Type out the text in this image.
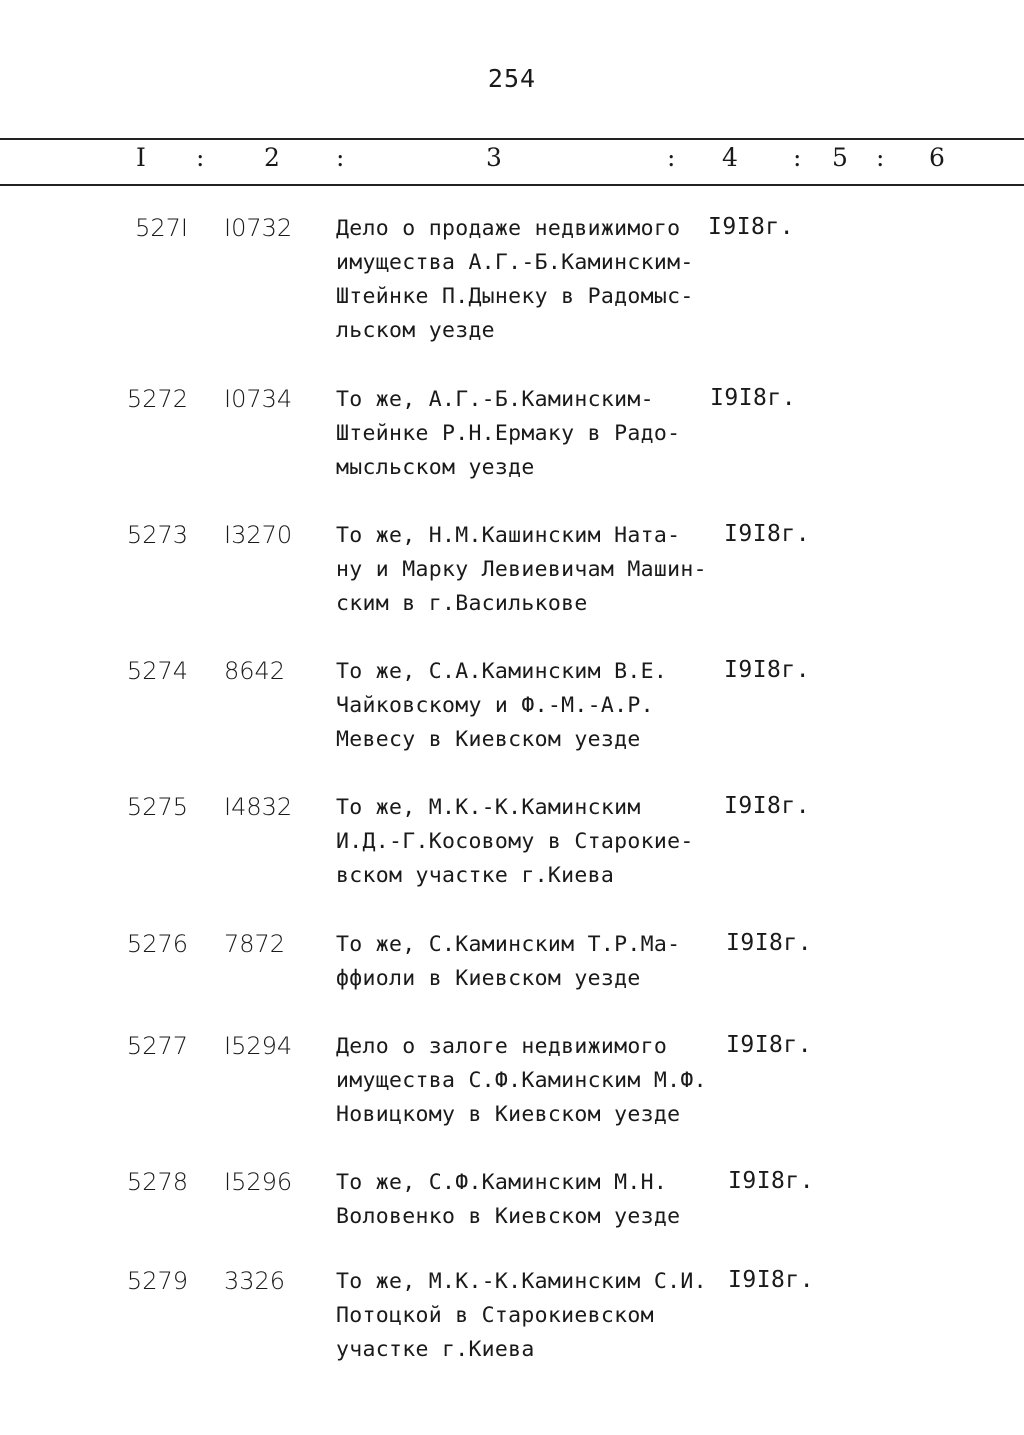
254
I : 2 :	3	: 4 : 5 : 6
527I I0732 Дело о продаже недвижимого
имущества А.Г.-Б.Каминским-
Штейнке П.Дынеку в Радомыс-
льском уезде
I9I8г.
5272 I0734 То же, А.Г.-Б.Каминским-
Штейнке Р.Н.Ермаку в Радо-
мысльском уезде
I9I8г.
5273 I3270 То же, Н.М.Кашинским Ната-
ну и Марку Левиевичам Машин-
ским в г.Василькове
I9I8г.
5274 8642 То же, С.А.Каминским В.Е.
Чайковскому и Ф.-М.-А.Р.
Мевесу в Киевском уезде
I9I8г.
5275 I4832 То же, М.К.-К.Каминским
И.Д.-Г.Косовому в Старокие-
вском участке г.Киева
I9I8г.
5276 7872 То же, С.Каминским Т.Р.Ма-
ффиоли в Киевском уезде
I9I8г.
5277 I5294 Дело о залоге недвижимого
имущества С.Ф.Каминским М.Ф.
Новицкому в Киевском уезде
I9I8г.
5278 I5296 То же, С.Ф.Каминским М.Н.
Воловенко в Киевском уезде
I9I8г.
5279 3326 То же, М.К.-К.Каминским С.И.
Потоцкой в Старокиевском
участке г.Киева
I9I8г.
